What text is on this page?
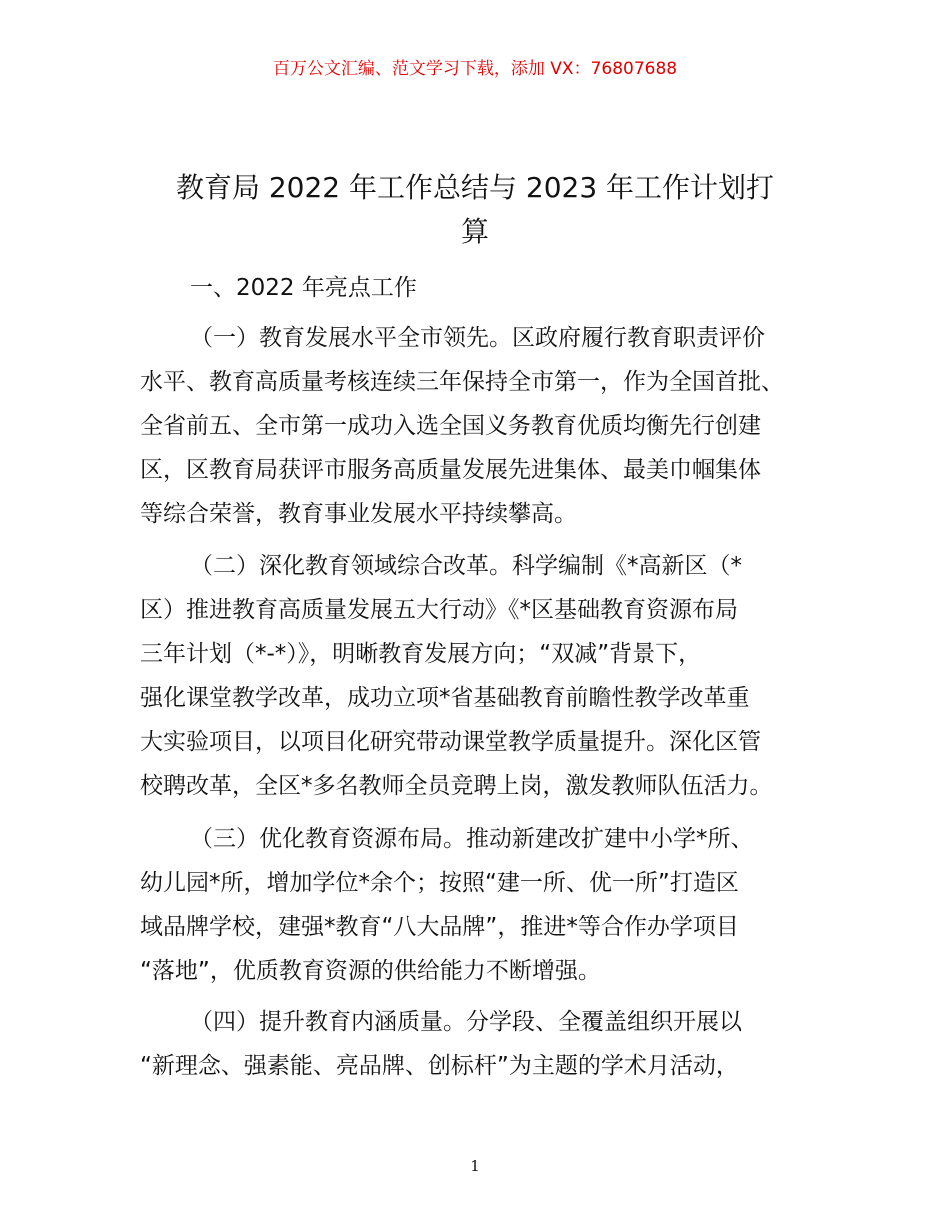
百万公文汇编、范文学习下载，添加 VX：76807688
教育局 2022 年工作总结与 2023 年工作计划打
算
一、2022 年亮点工作

（一）教育发展水平全市领先。区政府履行教育职责评价
水平、教育高质量考核连续三年保持全市第一，作为全国首批、
全省前五、全市第一成功入选全国义务教育优质均衡先行创建
区，区教育局获评市服务高质量发展先进集体、最美巾帼集体
等综合荣誉，教育事业发展水平持续攀高。

（二）深化教育领域综合改革。科学编制《*高新区（*
区）推进教育高质量发展五大行动》《*区基础教育资源布局
三年计划（*-*）》，明晰教育发展方向；“双减”背景下，
强化课堂教学改革，成功立项*省基础教育前瞻性教学改革重
大实验项目，以项目化研究带动课堂教学质量提升。深化区管
校聘改革，全区*多名教师全员竞聘上岗，激发教师队伍活力。

（三）优化教育资源布局。推动新建改扩建中小学*所、
幼儿园*所，增加学位*余个；按照“建一所、优一所”打造区
域品牌学校，建强*教育“八大品牌”，推进*等合作办学项目
“落地”，优质教育资源的供给能力不断增强。

（四）提升教育内涵质量。分学段、全覆盖组织开展以
“新理念、强素能、亮品牌、创标杆”为主题的学术月活动，

1
